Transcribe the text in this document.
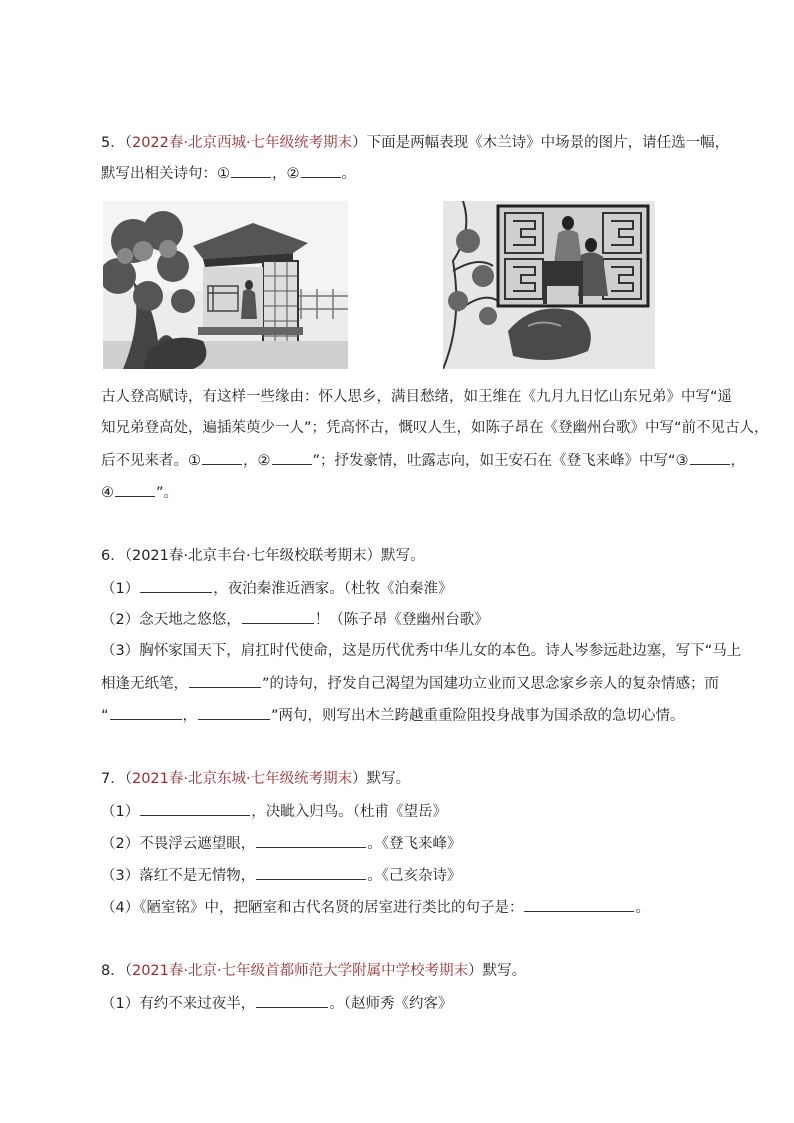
5．（2022春·北京西城·七年级统考期末）下面是两幅表现《木兰诗》中场景的图片，请任选一幅，
默写出相关诗句：①	，②	。
古人登高赋诗，有这样一些缘由：怀人思乡，满目愁绪，如王维在《九月九日忆山东兄弟》中写“遥
知兄弟登高处，遍插茱萸少一人”；凭高怀古，慨叹人生，如陈子昂在《登幽州台歌》中写“前不见古人，
后不见来者。①	，②	”；抒发豪情，吐露志向，如王安石在《登飞来峰》中写“③	，
④	”。
6．（2021春·北京丰台·七年级校联考期末）默写。
（1）	，夜泊秦淮近酒家。（杜牧《泊秦淮》
（2）念天地之悠悠，	！（陈子昂《登幽州台歌》
（3）胸怀家国天下，肩扛时代使命，这是历代优秀中华儿女的本色。诗人岑参远赴边塞，写下“马上
相逢无纸笔，	”的诗句，抒发自己渴望为国建功立业而又思念家乡亲人的复杂情感；而
“	，	”两句，则写出木兰跨越重重险阻投身战事为国杀敌的急切心情。
7．（2021春·北京东城·七年级统考期末）默写。
（1）	，决眦入归鸟。（杜甫《望岳》
（2）不畏浮云遮望眼，	。《登飞来峰》
（3）落红不是无情物，	。《己亥杂诗》
（4）《陋室铭》中，把陋室和古代名贤的居室进行类比的句子是：	。
8．（2021春·北京·七年级首都师范大学附属中学校考期末）默写。
（1）有约不来过夜半，	。（赵师秀《约客》
